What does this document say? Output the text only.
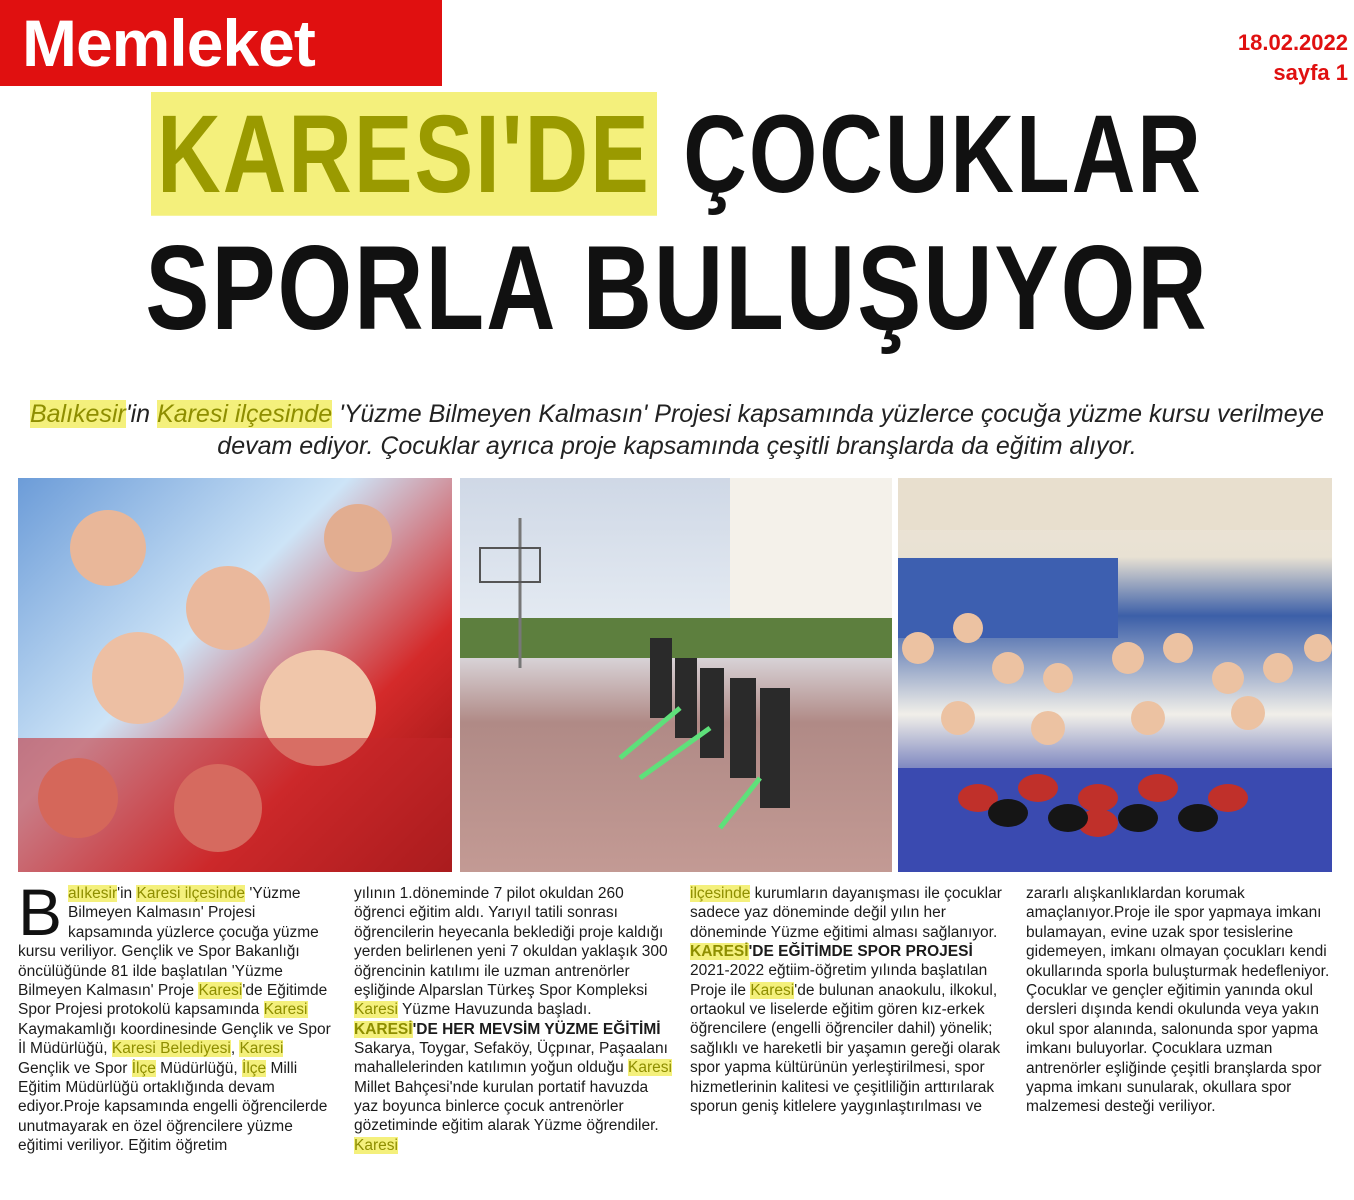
Memleket	18.02.2022
sayfa 1
KARESI'DE ÇOCUKLAR
SPORLA BULUŞUYOR
Balıkesir'in Karesi ilçesinde 'Yüzme Bilmeyen Kalmasın' Projesi kapsamında yüzlerce çocuğa yüzme kursu verilmeye devam ediyor. Çocuklar ayrıca proje kapsamında çeşitli branşlarda da eğitim alıyor.

Balıkesir'in Karesi ilçesinde 'Yüzme Bilmeyen Kalmasın' Projesi kapsamında yüzlerce çocuğa yüzme kursu veriliyor. Gençlik ve Spor Bakanlığı öncülüğünde 81 ilde başlatılan 'Yüzme Bilmeyen Kalmasın' Proje Karesi'de Eğitimde Spor Projesi protokolü kapsamında Karesi Kaymakamlığı koordinesinde Gençlik ve Spor İl Müdürlüğü, Karesi Belediyesi, Karesi Gençlik ve Spor İlçe Müdürlüğü, İlçe Milli Eğitim Müdürlüğü ortaklığında devam ediyor.Proje kapsamında engelli öğrencilerde unutmayarak en özel öğrencilere yüzme eğitimi veriliyor. Eğitim öğretim

yılının 1.döneminde 7 pilot okuldan 260 öğrenci eğitim aldı. Yarıyıl tatili sonrası öğrencilerin heyecanla beklediği proje kaldığı yerden belirlenen yeni 7 okuldan yaklaşık 300 öğrencinin katılımı ile uzman antrenörler eşliğinde Alparslan Türkeş Spor Kompleksi Karesi Yüzme Havuzunda başladı.

KARESİ'DE HER MEVSİM YÜZME EĞİTİMİ

Sakarya, Toygar, Sefaköy, Üçpınar, Paşaalanı mahallelerinden katılımın yoğun olduğu Karesi Millet Bahçesi'nde kurulan portatif havuzda yaz boyunca binlerce çocuk antrenörler gözetiminde eğitim alarak Yüzme öğrendiler. Karesi

ilçesinde kurumların dayanışması ile çocuklar sadece yaz döneminde değil yılın her döneminde Yüzme eğitimi alması sağlanıyor.

KARESİ'DE EĞİTİMDE SPOR PROJESİ

2021-2022 eğtiim-öğretim yılında başlatılan Proje ile Karesi'de bulunan anaokulu, ilkokul, ortaokul ve liselerde eğitim gören kız-erkek öğrencilere (engelli öğrenciler dahil) yönelik; sağlıklı ve hareketli bir yaşamın gereği olarak spor yapma kültürünün yerleştirilmesi, spor hizmetlerinin kalitesi ve çeşitliliğin arttırılarak sporun geniş kitlelere yaygınlaştırılması ve

zararlı alışkanlıklardan korumak amaçlanıyor.Proje ile spor yapmaya imkanı bulamayan, evine uzak spor tesislerine gidemeyen, imkanı olmayan çocukları kendi okullarında sporla buluşturmak hedefleniyor. Çocuklar ve gençler eğitimin yanında okul dersleri dışında kendi okulunda veya yakın okul spor alanında, salonunda spor yapma imkanı buluyorlar. Çocuklara uzman antrenörler eşliğinde çeşitli branşlarda spor yapma imkanı sunularak, okullara spor malzemesi desteği veriliyor.
